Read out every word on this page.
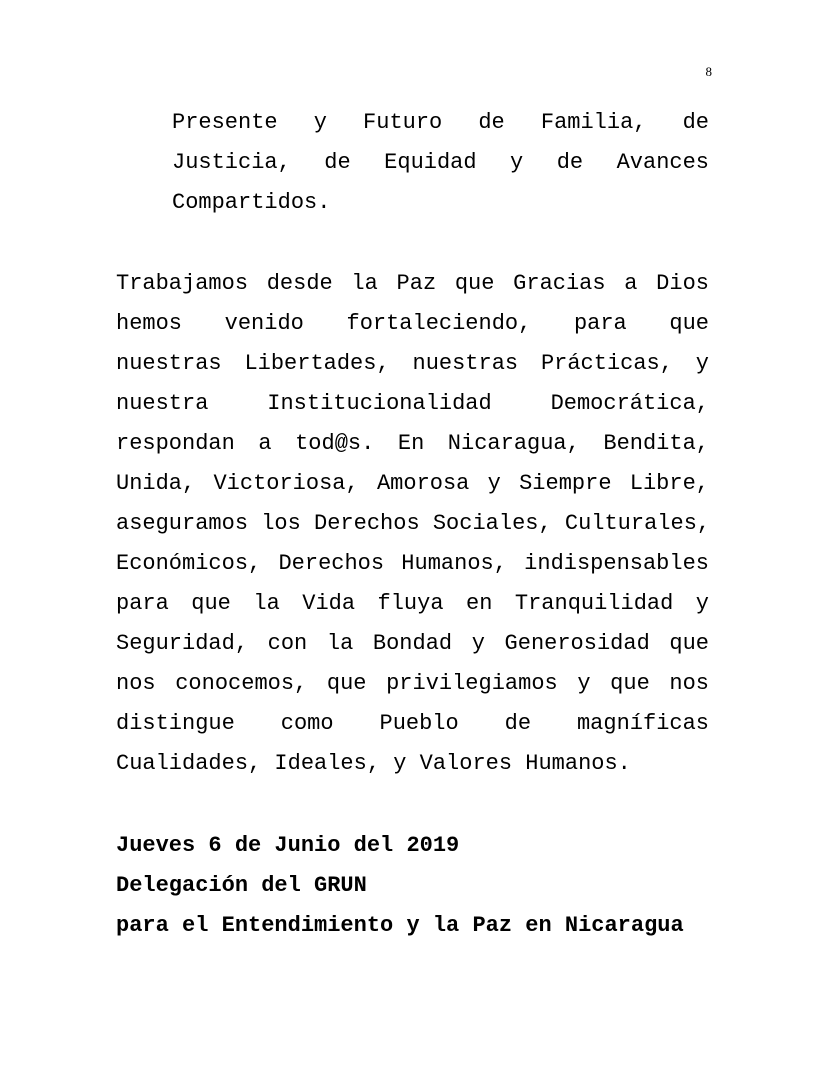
8
Presente y Futuro de Familia, de
Justicia, de Equidad y de Avances
Compartidos.
Trabajamos desde la Paz que Gracias a Dios
hemos venido fortaleciendo, para que
nuestras Libertades, nuestras Prácticas, y
nuestra Institucionalidad Democrática,
respondan a tod@s. En Nicaragua, Bendita,
Unida, Victoriosa, Amorosa y Siempre Libre,
aseguramos los Derechos Sociales, Culturales,
Económicos, Derechos Humanos, indispensables
para que la Vida fluya en Tranquilidad y
Seguridad, con la Bondad y Generosidad que
nos conocemos, que privilegiamos y que nos
distingue como Pueblo de magníficas
Cualidades, Ideales, y Valores Humanos.
Jueves 6 de Junio del 2019
Delegación del GRUN
para el Entendimiento y la Paz en Nicaragua
